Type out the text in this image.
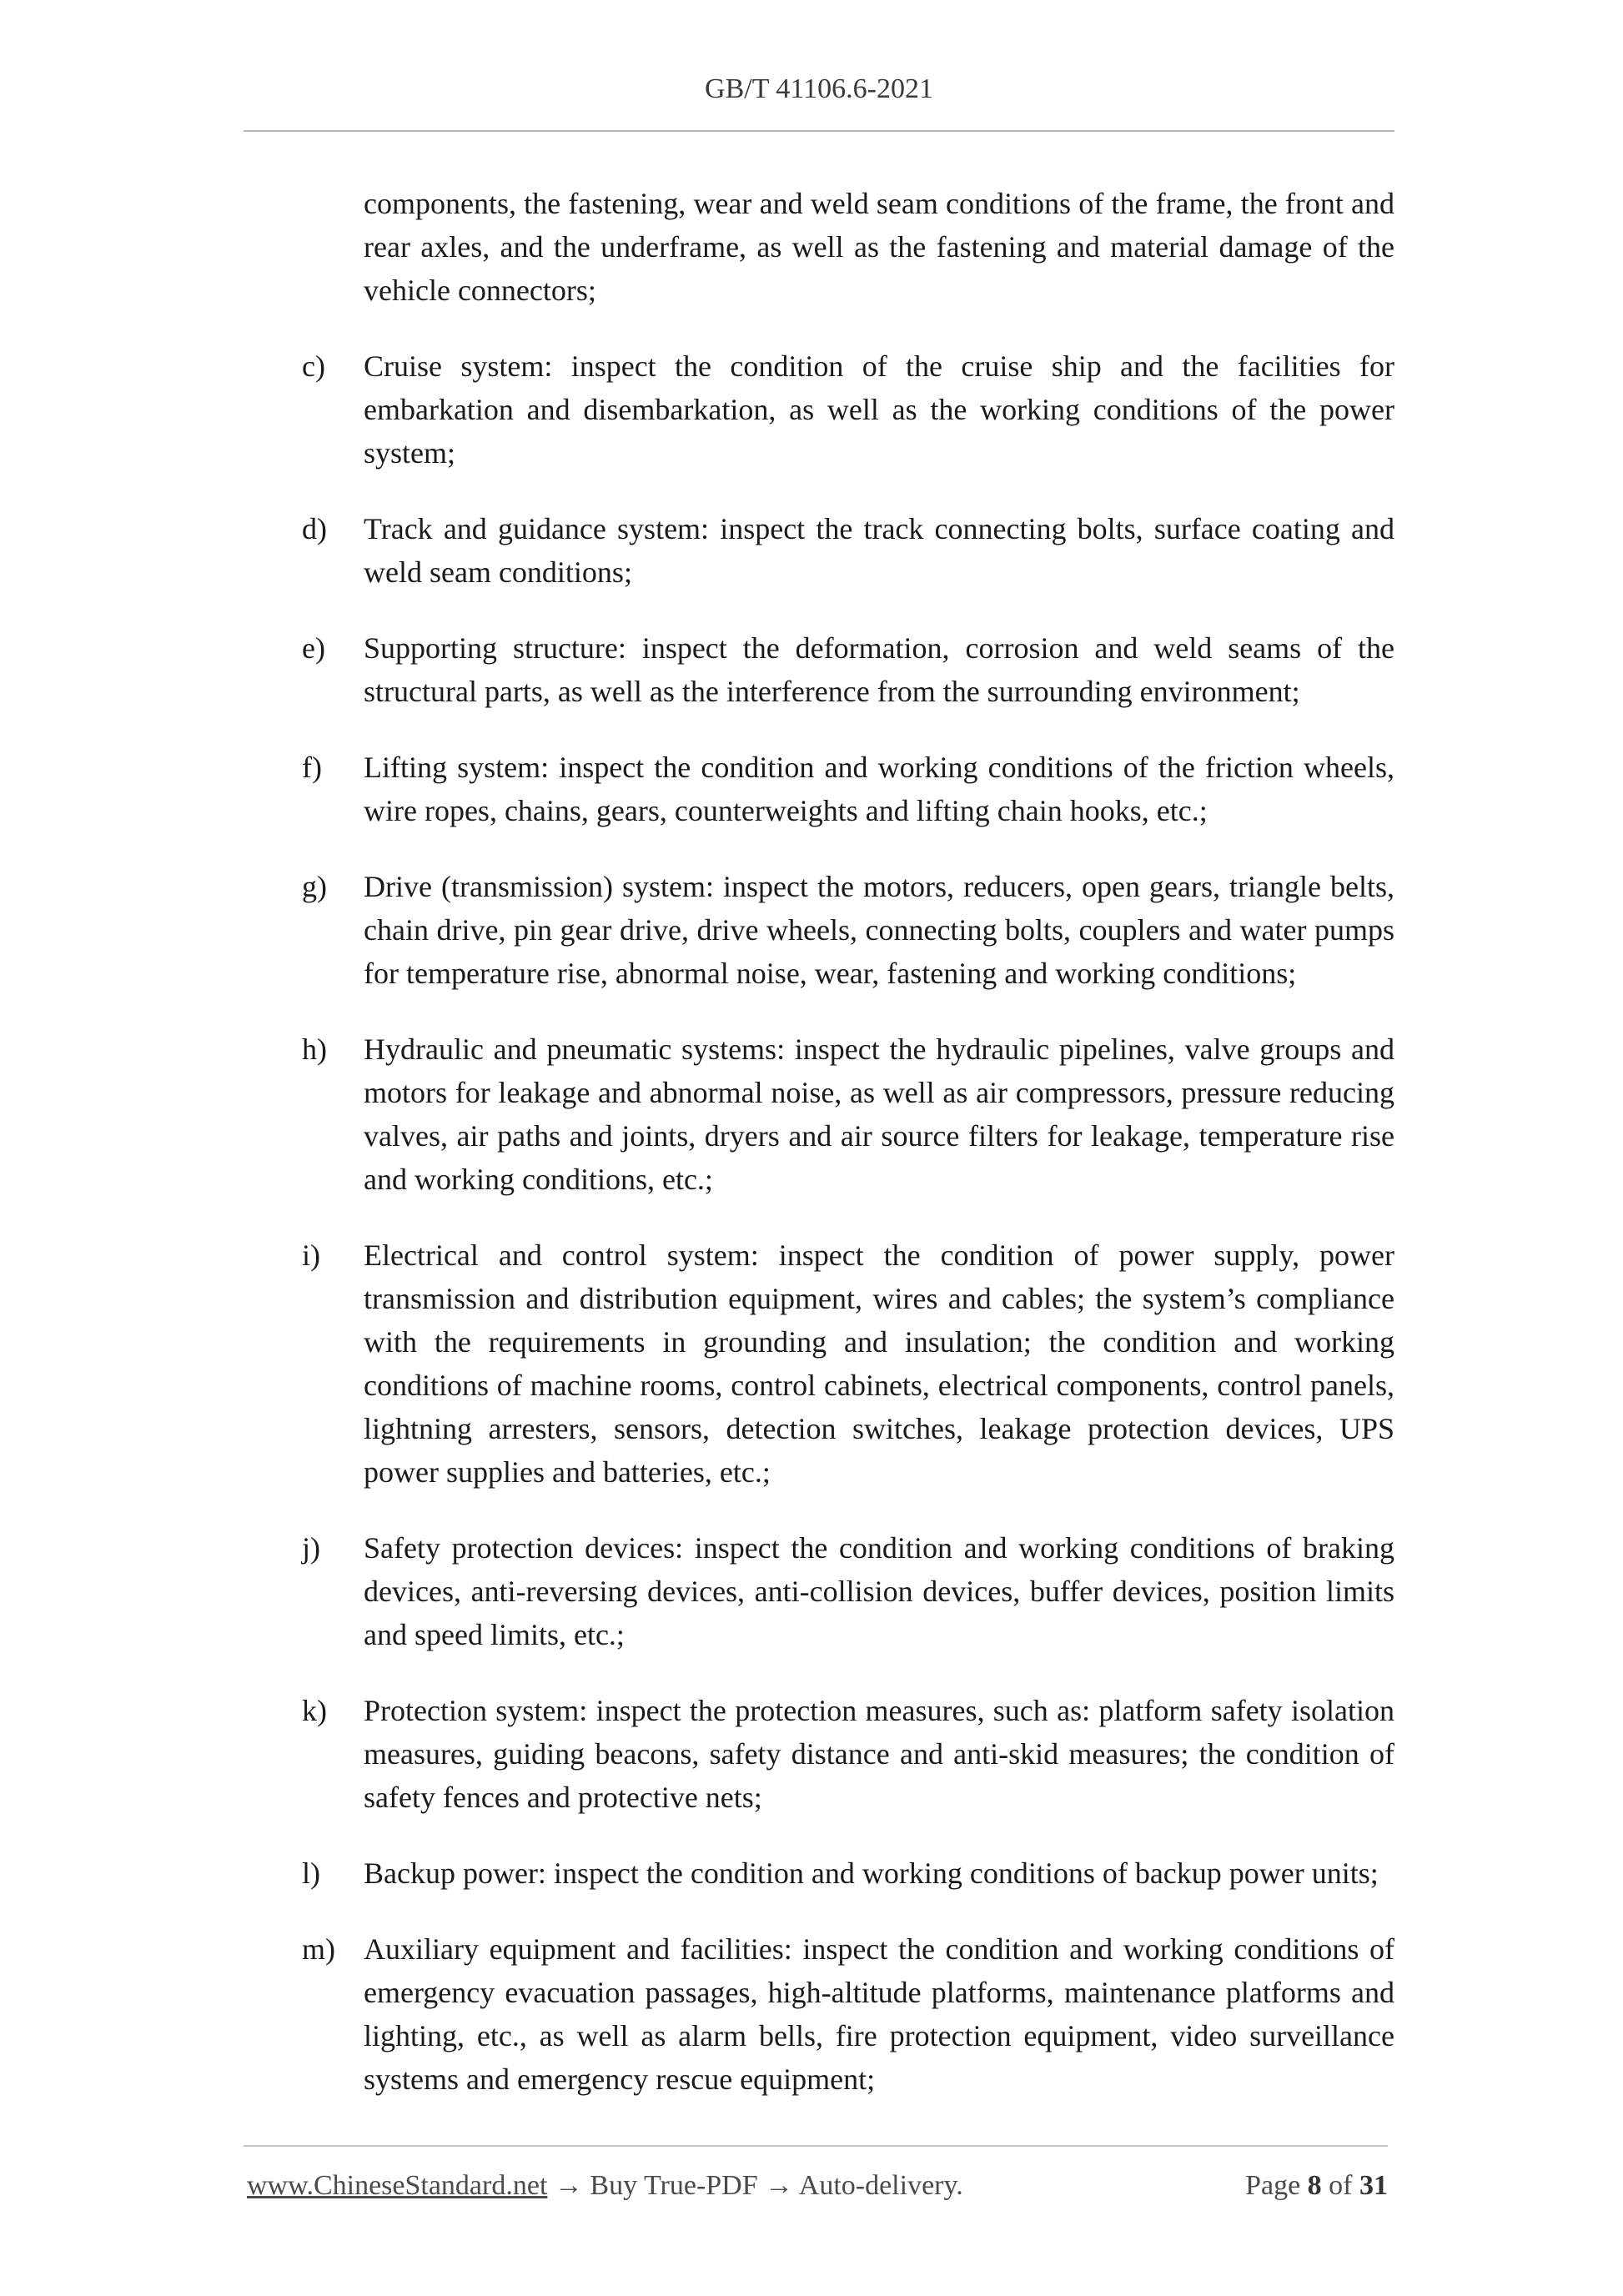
GB/T 41106.6-2021
components, the fastening, wear and weld seam conditions of the frame, the front and rear axles, and the underframe, as well as the fastening and material damage of the vehicle connectors;
c)	Cruise system: inspect the condition of the cruise ship and the facilities for embarkation and disembarkation, as well as the working conditions of the power system;
d)	Track and guidance system: inspect the track connecting bolts, surface coating and weld seam conditions;
e)	Supporting structure: inspect the deformation, corrosion and weld seams of the structural parts, as well as the interference from the surrounding environment;
f)	Lifting system: inspect the condition and working conditions of the friction wheels, wire ropes, chains, gears, counterweights and lifting chain hooks, etc.;
g)	Drive (transmission) system: inspect the motors, reducers, open gears, triangle belts, chain drive, pin gear drive, drive wheels, connecting bolts, couplers and water pumps for temperature rise, abnormal noise, wear, fastening and working conditions;
h)	Hydraulic and pneumatic systems: inspect the hydraulic pipelines, valve groups and motors for leakage and abnormal noise, as well as air compressors, pressure reducing valves, air paths and joints, dryers and air source filters for leakage, temperature rise and working conditions, etc.;
i)	Electrical and control system: inspect the condition of power supply, power transmission and distribution equipment, wires and cables; the system’s compliance with the requirements in grounding and insulation; the condition and working conditions of machine rooms, control cabinets, electrical components, control panels, lightning arresters, sensors, detection switches, leakage protection devices, UPS power supplies and batteries, etc.;
j)	Safety protection devices: inspect the condition and working conditions of braking devices, anti-reversing devices, anti-collision devices, buffer devices, position limits and speed limits, etc.;
k)	Protection system: inspect the protection measures, such as: platform safety isolation measures, guiding beacons, safety distance and anti-skid measures; the condition of safety fences and protective nets;
l)	Backup power: inspect the condition and working conditions of backup power units;
m) Auxiliary equipment and facilities: inspect the condition and working conditions of emergency evacuation passages, high-altitude platforms, maintenance platforms and lighting, etc., as well as alarm bells, fire protection equipment, video surveillance systems and emergency rescue equipment;
www.ChineseStandard.net → Buy True-PDF → Auto-delivery.	Page 8 of 31
